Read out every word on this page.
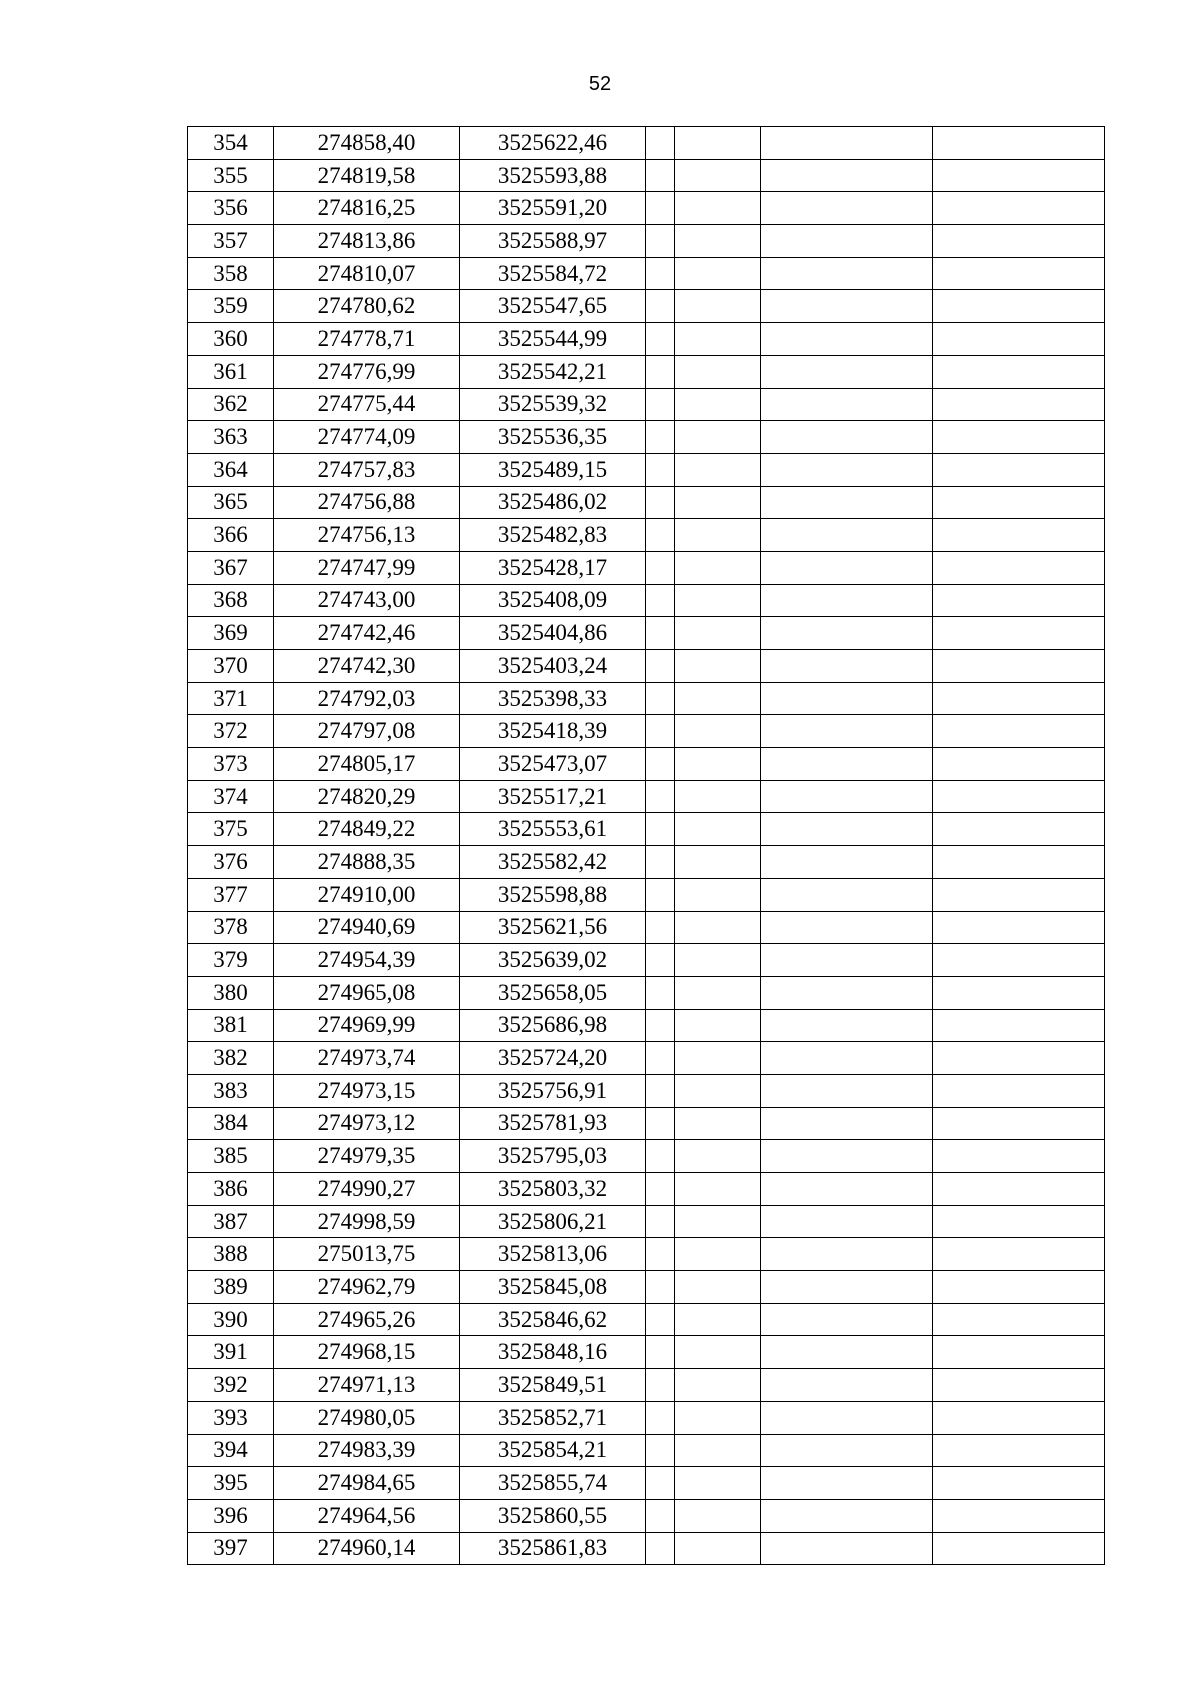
52
354	274858,40	3525622,46				
355	274819,58	3525593,88				
356	274816,25	3525591,20				
357	274813,86	3525588,97				
358	274810,07	3525584,72				
359	274780,62	3525547,65				
360	274778,71	3525544,99				
361	274776,99	3525542,21				
362	274775,44	3525539,32				
363	274774,09	3525536,35				
364	274757,83	3525489,15				
365	274756,88	3525486,02				
366	274756,13	3525482,83				
367	274747,99	3525428,17				
368	274743,00	3525408,09				
369	274742,46	3525404,86				
370	274742,30	3525403,24				
371	274792,03	3525398,33				
372	274797,08	3525418,39				
373	274805,17	3525473,07				
374	274820,29	3525517,21				
375	274849,22	3525553,61				
376	274888,35	3525582,42				
377	274910,00	3525598,88				
378	274940,69	3525621,56				
379	274954,39	3525639,02				
380	274965,08	3525658,05				
381	274969,99	3525686,98				
382	274973,74	3525724,20				
383	274973,15	3525756,91				
384	274973,12	3525781,93				
385	274979,35	3525795,03				
386	274990,27	3525803,32				
387	274998,59	3525806,21				
388	275013,75	3525813,06				
389	274962,79	3525845,08				
390	274965,26	3525846,62				
391	274968,15	3525848,16				
392	274971,13	3525849,51				
393	274980,05	3525852,71				
394	274983,39	3525854,21				
395	274984,65	3525855,74				
396	274964,56	3525860,55				
397	274960,14	3525861,83				
